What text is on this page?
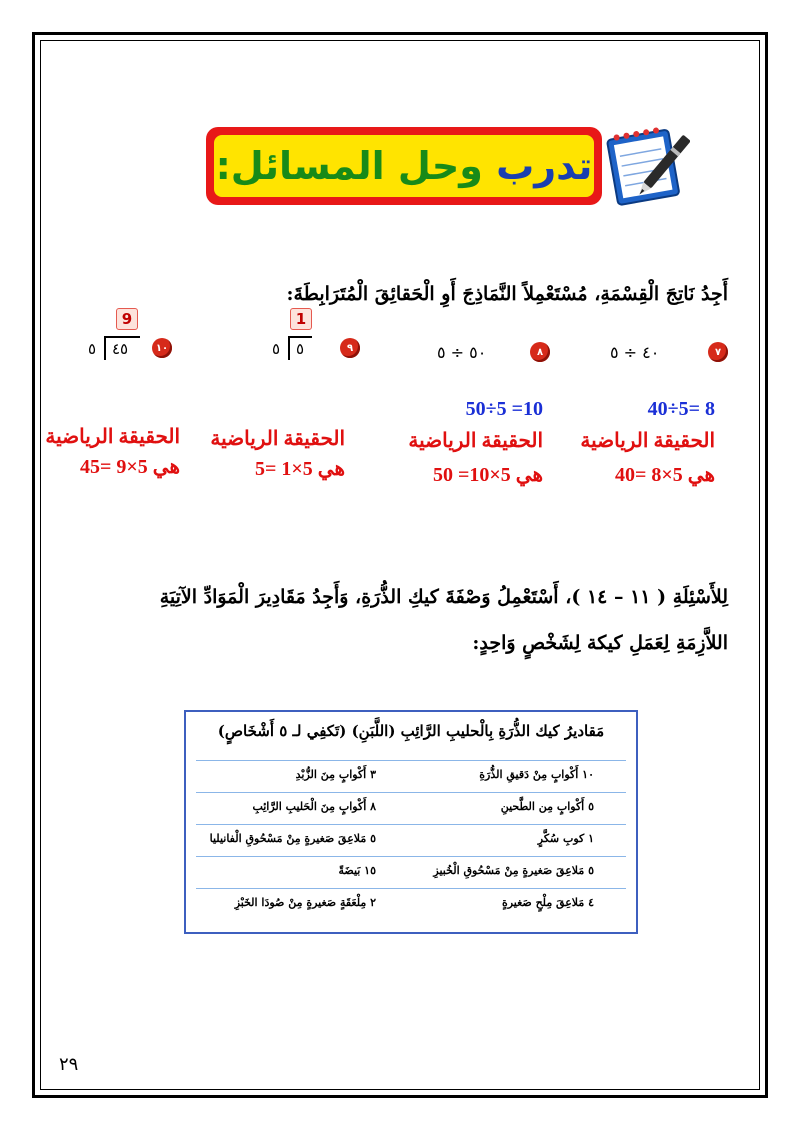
تدرب وحل المسائل:
أَجِدُ نَاتِجَ الْقِسْمَةِ، مُسْتَعْمِلاً النَّمَاذِجَ أَوِ الْحَقائِقَ الْمُتَرَابِطَةَ:
٧
٤٠ ÷ ٥
٨
٥٠ ÷ ٥
٩
1
٥ ٥
١٠
9
٥ ٤٥
40÷5= 8
الحقيقة الرياضية
هي 5×8 =40
50÷5 =10
الحقيقة الرياضية
هي 5×10= 50
الحقيقة الرياضية
هي 5×1 =5
الحقيقة الرياضية
هي 5×9 =45
لِلأَسْئِلَةِ ( ١١ – ١٤ )، أَسْتَعْمِلُ وَصْفَةَ كيكِ الذُّرَةِ، وَأَجِدُ مَقَادِيرَ الْمَوَادِّ الآتِيَةِ
اللاَّزِمَةِ لِعَمَلِ كيكة لِشَخْصٍ وَاحِدٍ:
مَقاديرُ كيك الذُّرَةِ بِالْحليبِ الرَّائِبِ (اللَّبَنِ) (تَكفِي لـ ٥ أَشْخَاصٍ)
١٠ أَكْوابٍ مِنْ دَقيقِ الذُّرَةِ
٣ أَكْوابٍ مِنَ الزُّبْدِ
٥ أَكْوابٍ مِن الطَّحينِ
٨ أَكْوابٍ مِنَ الْحَليبِ الرَّائِبِ
١ كوبِ سُكَّرٍ
٥ مَلاعِقَ صَغيرةٍ مِنْ مَسْحُوقِ الْفانيليا
٥ مَلاعِقَ صَغيرةٍ مِنْ مَسْحُوقِ الْخُبيزِ
١٥ بَيضَةً
٤ مَلاعِقَ مِلْحٍ صَغيرةٍ
٢ مِلْعَقَةٍ صَغيرةٍ مِنْ صُودَا الخَبْزِ
٢٩
